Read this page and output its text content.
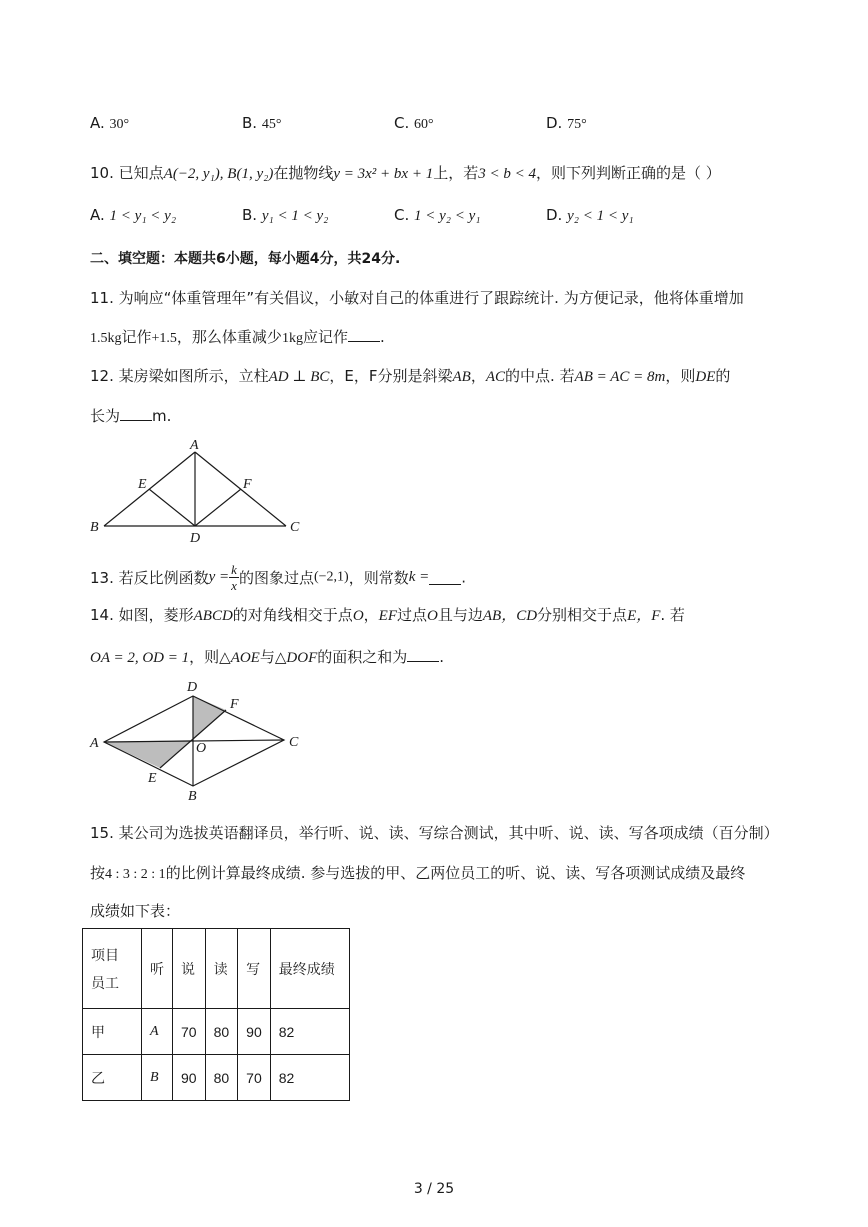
A. 30°	B. 45°	C. 60°	D. 75°
10. 已知点A(−2, y₁), B(1, y₂)在抛物线y = 3x² + bx + 1上，若3 < b < 4，则下列判断正确的是（ ）
A. 1 < y₁ < y₂	B. y₁ < 1 < y₂	C. 1 < y₂ < y₁	D. y₂ < 1 < y₁
二、填空题：本题共6小题，每小题4分，共24分.
11. 为响应“体重管理年”有关倡议，小敏对自己的体重进行了跟踪统计. 为方便记录，他将体重增加
1.5kg记作+1.5，那么体重减少1kg应记作 .
12. 某房梁如图所示，立柱AD ⊥ BC，E，F分别是斜梁AB，AC的中点. 若AB = AC = 8m，则DE的
长为 m.
A
B	C
D
E	F
13. 若反比例函数$y = \frac{k}{x}$ 的图象过点(−2,1)，则常数k = .
14. 如图，菱形ABCD的对角线相交于点O，EF过点O且与边AB，CD分别相交于点E，F. 若
OA = 2, OD = 1，则△AOE与△DOF的面积之和为 .
A
D
C
B
F
E
O
15. 某公司为选拔英语翻译员，举行听、说、读、写综合测试，其中听、说、读、写各项成绩（百分制）
按4 : 3 : 2 : 1的比例计算最终成绩. 参与选拔的甲、乙两位员工的听、说、读、写各项测试成绩及最终
成绩如下表：
项目
员工	听	说	读	写	最终成绩
甲	A	70	80	90	82
乙	B	90	80	70	82
3 / 25
